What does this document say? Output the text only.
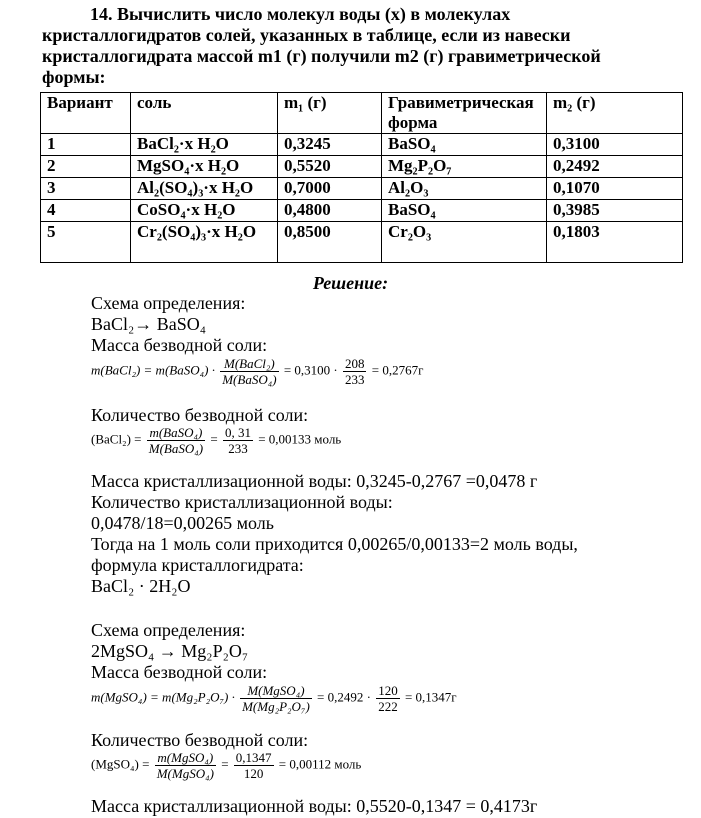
14. Вычислить число молекул воды (х) в молекулах

кристаллогидратов солей, указанных в таблице, если из навески

кристаллогидрата массой m1 (г) получили m2 (г) гравиметрической

формы:

Вариант	соль	m₁ (г)	Гравиметрическая форма	m₂ (г)
1	BaCl₂·x H₂O	0,3245	BaSO₄	0,3100
2	MgSO₄·x H₂O	0,5520	Mg₂P₂O₇	0,2492
3	Al₂(SO₄)₃·x H₂O	0,7000	Al₂O₃	0,1070
4	CoSO₄·x H₂O	0,4800	BaSO₄	0,3985
5	Cr₂(SO₄)₃·x H₂O	0,8500	Cr₂O₃	0,1803
Решение:
Схема определения:
BaCl₂→ BaSO₄
Масса безводной соли:
m(BaCl₂) = m(BaSO₄) · $\frac{\text{M(BaCl₂)}}{\text{M(BaSO₄)}} = 0,3100 \cdot \frac{208}{233} = 0,2767г$
Количество безводной соли:
(BaCl₂) = $\frac{\text{m(BaSO₄)}}{\text{M(BaSO₄)}} = \frac{0, 31}{233} = 0,00133$ моль
Масса кристаллизационной воды: 0,3245-0,2767 =0,0478 г
Количество кристаллизационной воды:
0,0478/18=0,00265 моль
Тогда на 1 моль соли приходится 0,00265/0,00133=2 моль воды,
формула кристаллогидрата:
BaCl₂ · 2H₂O
Схема определения:
2MgSO₄ → Mg₂P₂O₇
Масса безводной соли:
m(MgSO₄) = $m(Mg_2P_2O_7) \cdot \frac{\text{M(MgSO₄)}}{\text{M(Mg₂P₂O₇)}} = 0,2492 \cdot \frac{120}{222} = 0,1347г$
Количество безводной соли:
(MgSO₄) = $\frac{\text{m(MgSO₄)}}{\text{M(MgSO₄)}} = \frac{0,1347}{120} = 0,00112$ моль
Масса кристаллизационной воды: 0,5520-0,1347 = 0,4173г
